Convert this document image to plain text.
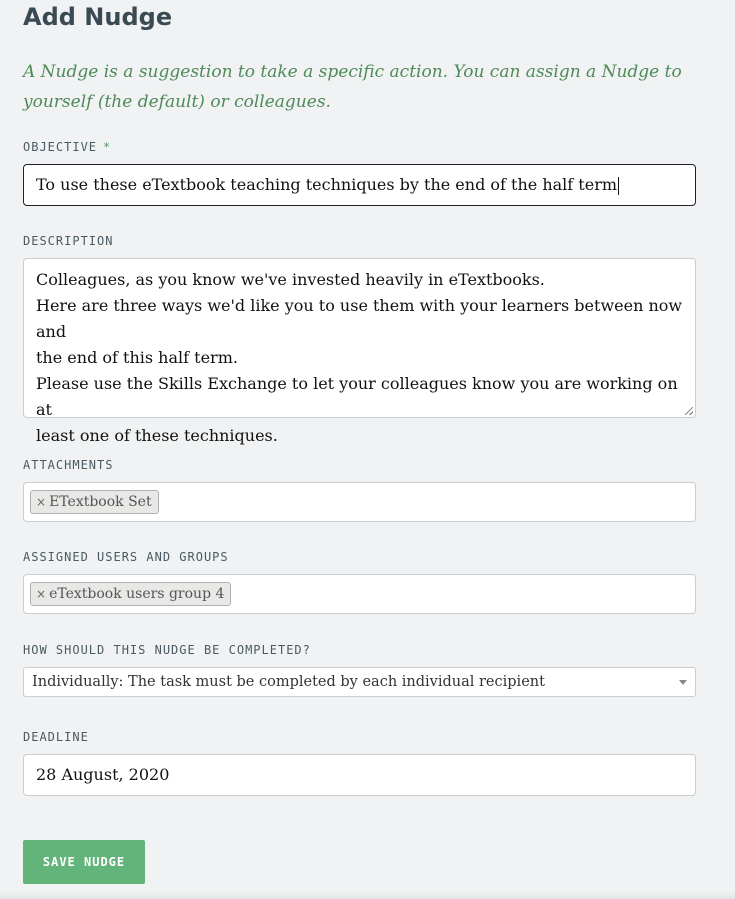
Add Nudge

A Nudge is a suggestion to take a specific action. You can assign a Nudge to yourself (the default) or colleagues.

OBJECTIVE *
To use these eTextbook teaching techniques by the end of the half term
DESCRIPTION
Colleagues, as you know we've invested heavily in eTextbooks.
Here are three ways we'd like you to use them with your learners between now and
the end of this half term.
Please use the Skills Exchange to let your colleagues know you are working on at
least one of these techniques.
ATTACHMENTS
× ETextbook Set
ASSIGNED USERS AND GROUPS
× eTextbook users group 4
HOW SHOULD THIS NUDGE BE COMPLETED?
Individually: The task must be completed by each individual recipient
DEADLINE
28 August, 2020
SAVE NUDGE
